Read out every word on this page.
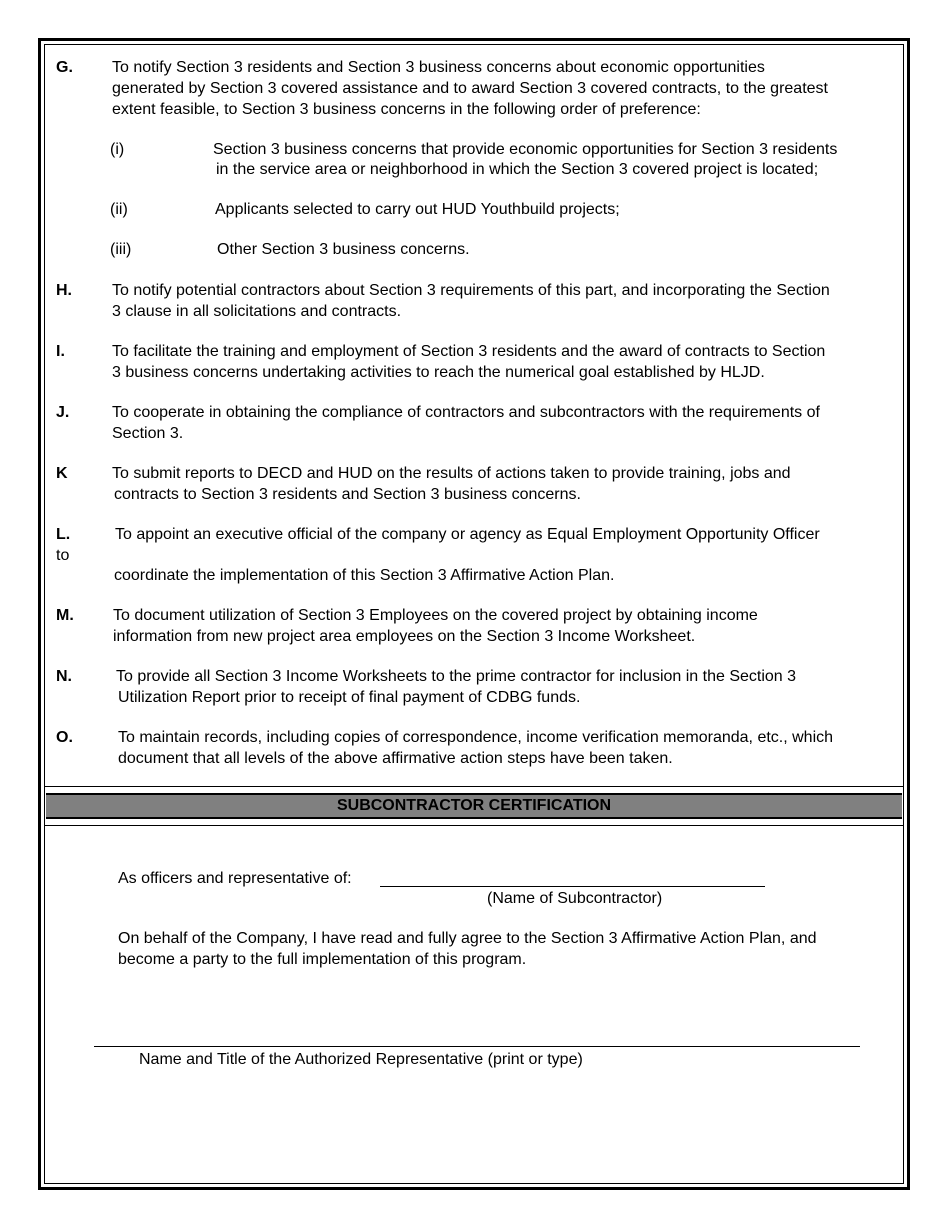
G. To notify Section 3 residents and Section 3 business concerns about economic opportunities
generated by Section 3 covered assistance and to award Section 3 covered contracts, to the greatest
extent feasible, to Section 3 business concerns in the following order of preference:
(i)	Section 3 business concerns that provide economic opportunities for Section 3 residents
in the service area or neighborhood in which the Section 3 covered project is located;
(ii)	Applicants selected to carry out HUD Youthbuild projects;
(iii)	Other Section 3 business concerns.
H.	To notify potential contractors about Section 3 requirements of this part, and incorporating the Section
3 clause in all solicitations and contracts.
I.	To facilitate the training and employment of Section 3 residents and the award of contracts to Section
3 business concerns undertaking activities to reach the numerical goal established by HLJD.
J.	To cooperate in obtaining the compliance of contractors and subcontractors with the requirements of
Section 3.
K	To submit reports to DECD and HUD on the results of actions taken to provide training, jobs and
contracts to Section 3 residents and Section 3 business concerns.
L.	To appoint an executive official of the company or agency as Equal Employment Opportunity Officer
to
coordinate the implementation of this Section 3 Affirmative Action Plan.
M. To document utilization of Section 3 Employees on the covered project by obtaining income
information from new project area employees on the Section 3 Income Worksheet.
N.	To provide all Section 3 Income Worksheets to the prime contractor for inclusion in the Section 3
Utilization Report prior to receipt of final payment of CDBG funds.
O.	To maintain records, including copies of correspondence, income verification memoranda, etc., which
document that all levels of the above affirmative action steps have been taken.
SUBCONTRACTOR CERTIFICATION
As officers and representative of:
(Name of Subcontractor)
On behalf of the Company, I have read and fully agree to the Section 3 Affirmative Action Plan, and
become a party to the full implementation of this program.
Name and Title of the Authorized Representative (print or type)
